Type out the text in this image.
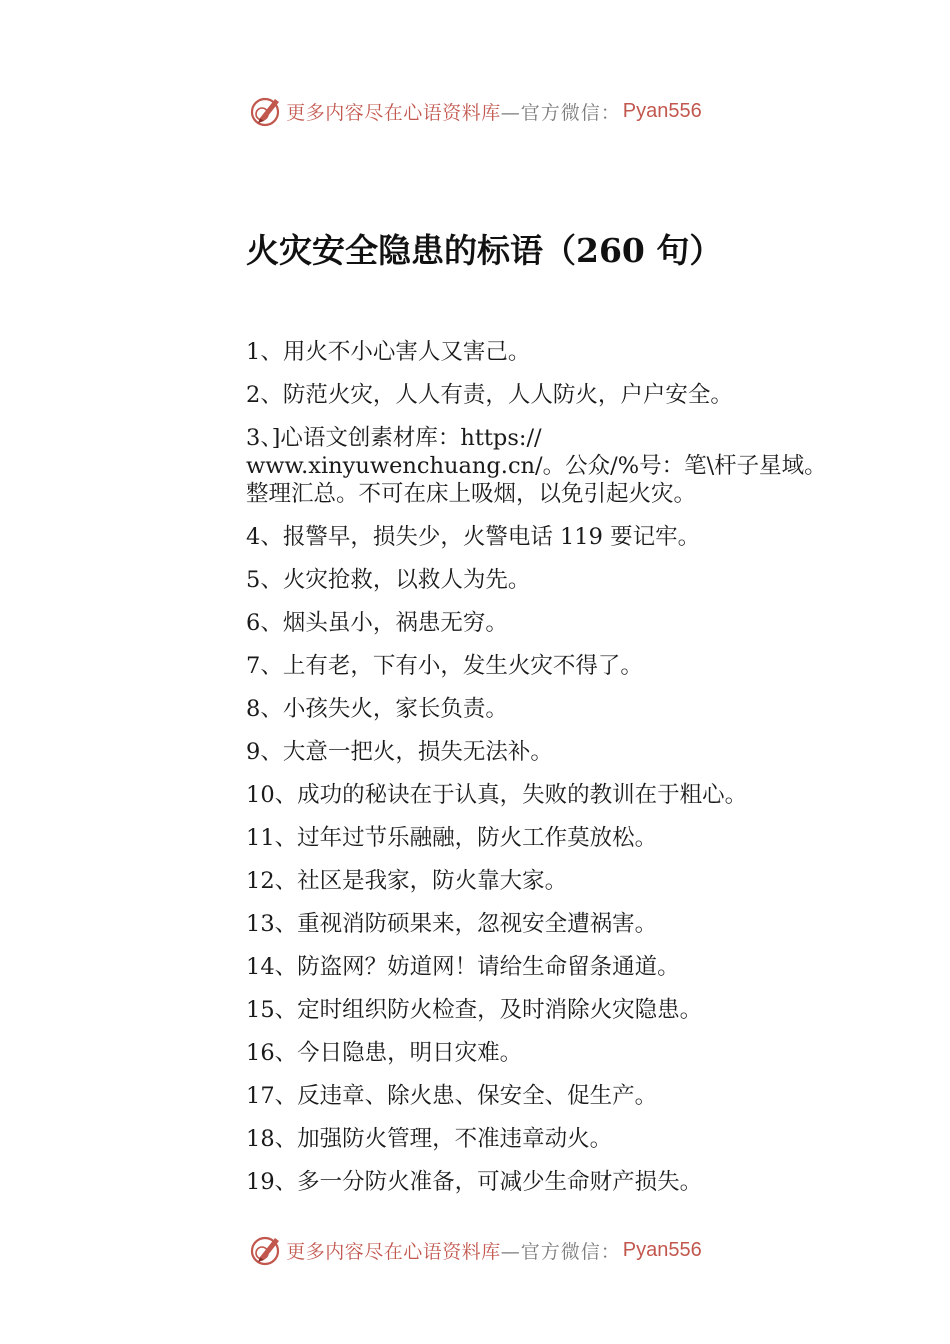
更多内容尽在心语资料库 —官方微信： Pyan556
火灾安全隐患的标语（260 句）
1、用火不小心害人又害己。
2、防范火灾，人人有责，人人防火，户户安全。
3、]心语文创素材库：https://
www.xinyuwenchuang.cn/。公众/%号：笔\杆子星域。
整理汇总。不可在床上吸烟，以免引起火灾。
4、报警早，损失少，火警电话 119 要记牢。
5、火灾抢救，以救人为先。
6、烟头虽小，祸患无穷。
7、上有老，下有小，发生火灾不得了。
8、小孩失火，家长负责。
9、大意一把火，损失无法补。
10、成功的秘诀在于认真，失败的教训在于粗心。
11、过年过节乐融融，防火工作莫放松。
12、社区是我家，防火靠大家。
13、重视消防硕果来，忽视安全遭祸害。
14、防盗网？妨道网！请给生命留条通道。
15、定时组织防火检查，及时消除火灾隐患。
16、今日隐患，明日灾难。
17、反违章、除火患、保安全、促生产。
18、加强防火管理，不准违章动火。
19、多一分防火准备，可减少生命财产损失。
更多内容尽在心语资料库 —官方微信： Pyan556
